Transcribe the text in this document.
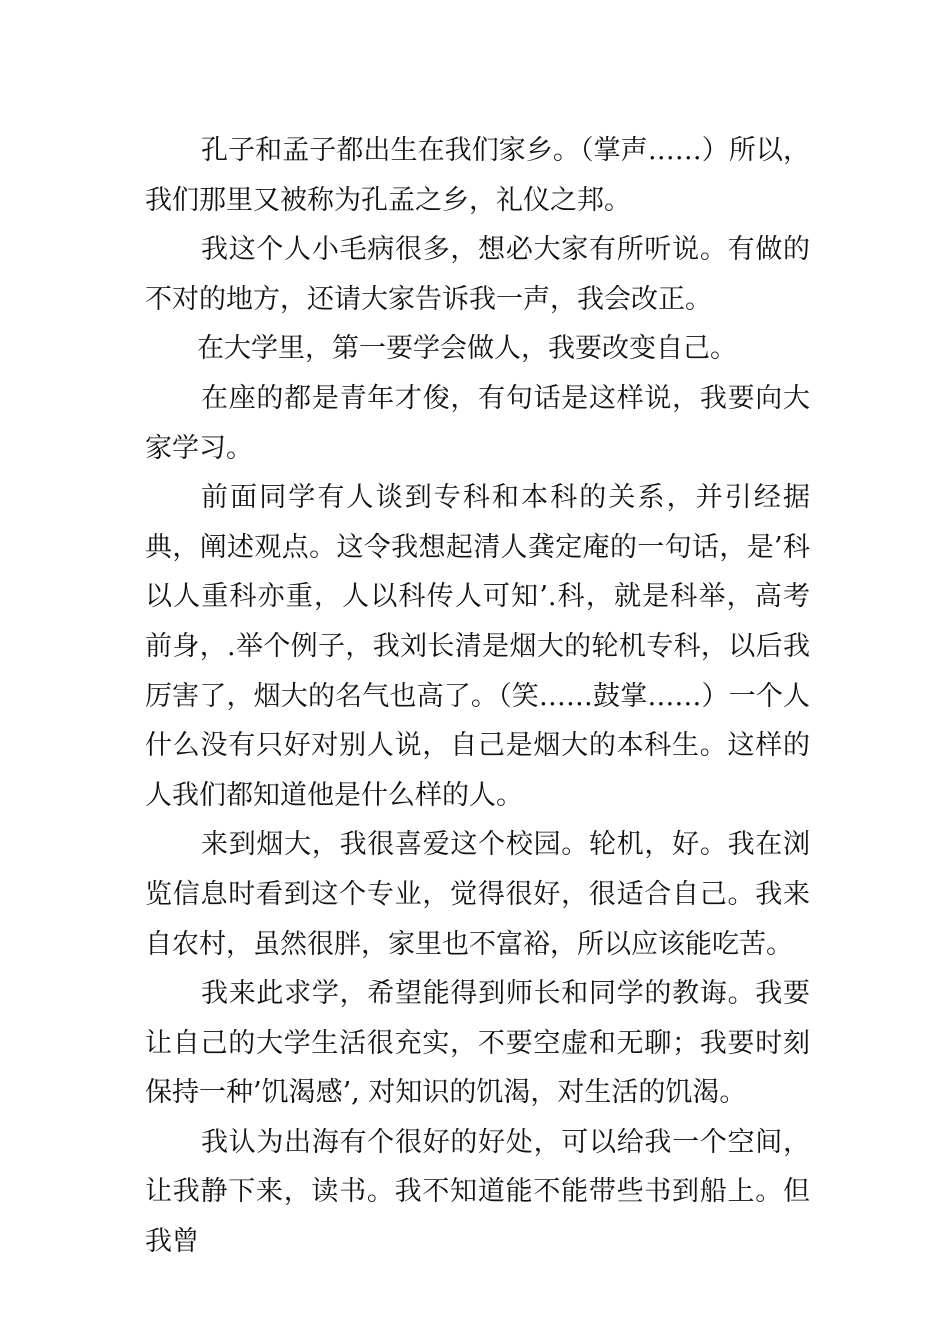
孔子和孟子都出生在我们家乡。（掌声……）所以，我们那里又被称为孔孟之乡，礼仪之邦。

我这个人小毛病很多，想必大家有所听说。有做的不对的地方，还请大家告诉我一声，我会改正。

在大学里，第一要学会做人，我要改变自己。

在座的都是青年才俊，有句话是这样说，我要向大家学习。

前面同学有人谈到专科和本科的关系，并引经据典，阐述观点。这令我想起清人龚定庵的一句话，是’科以人重科亦重，人以科传人可知’.科，就是科举，高考前身，.举个例子，我刘长清是烟大的轮机专科，以后我厉害了，烟大的名气也高了。（笑……鼓掌……）一个人什么没有只好对别人说，自己是烟大的本科生。这样的人我们都知道他是什么样的人。

来到烟大，我很喜爱这个校园。轮机，好。我在浏览信息时看到这个专业，觉得很好，很适合自己。我来自农村，虽然很胖，家里也不富裕，所以应该能吃苦。

我来此求学，希望能得到师长和同学的教诲。我要让自己的大学生活很充实，不要空虚和无聊；我要时刻保持一种’饥渴感’, 对知识的饥渴，对生活的饥渴。

我认为出海有个很好的好处，可以给我一个空间，让我静下来，读书。我不知道能不能带些书到船上。但我曾
